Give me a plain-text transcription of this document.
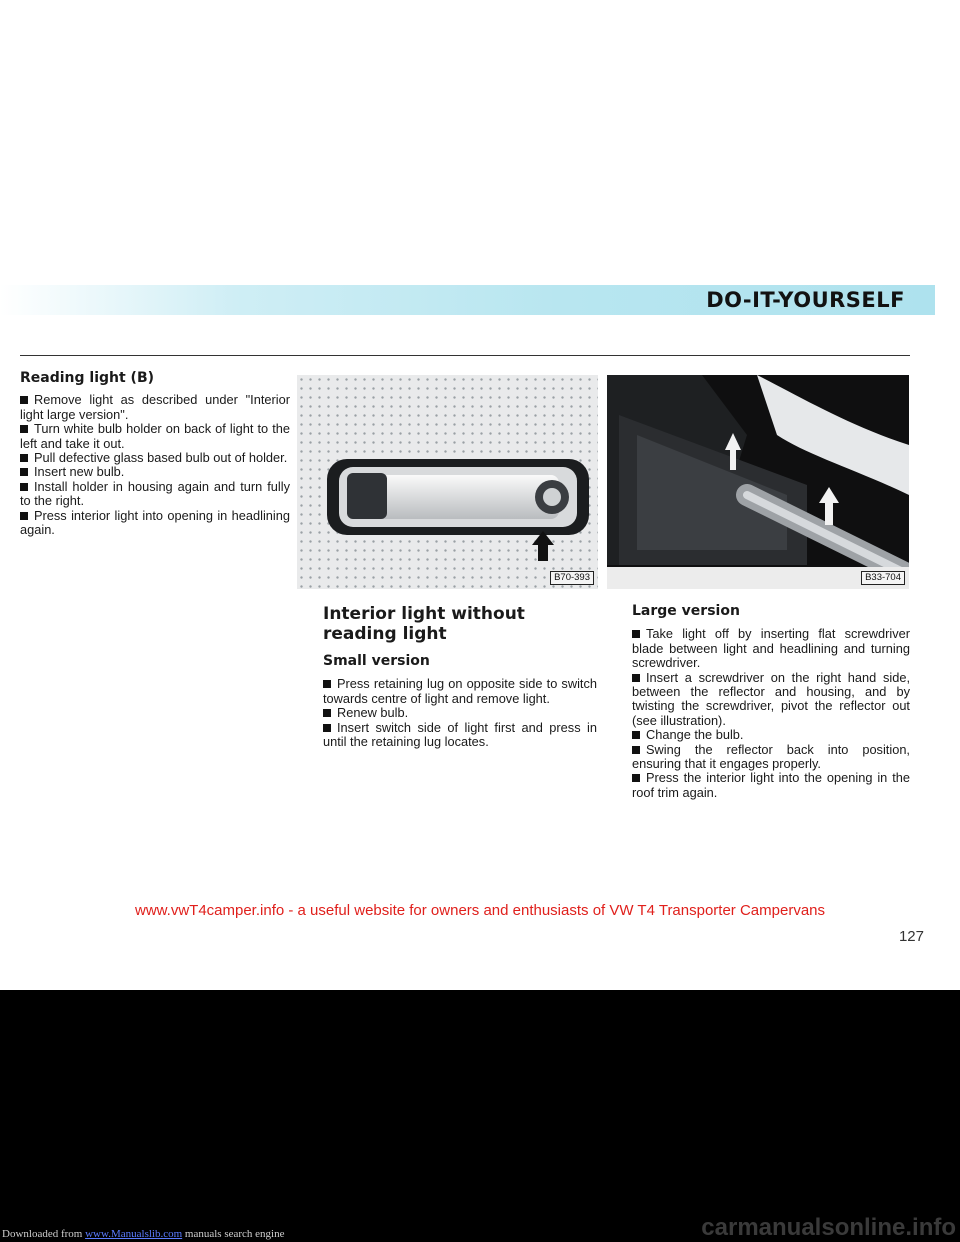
DO-IT-YOURSELF
Reading light (B)
Remove light as described under "Interior light large version".
Turn white bulb holder on back of light to the left and take it out.
Pull defective glass based bulb out of holder.
Insert new bulb.
Install holder in housing again and turn fully to the right.
Press interior light into opening in headlining again.
B70-393	B33-704
Interior light without reading light
Small version
Press retaining lug on opposite side to switch towards centre of light and remove light.
Renew bulb.
Insert switch side of light first and press in until the retaining lug locates.
Large version
Take light off by inserting flat screwdriver blade between light and headlining and turning screwdriver.
Insert a screwdriver on the right hand side, between the reflector and housing, and by twisting the screwdriver, pivot the reflector out (see illustration).
Change the bulb.
Swing the reflector back into position, ensuring that it engages properly.
Press the interior light into the opening in the roof trim again.
www.vwT4camper.info - a useful website for owners and enthusiasts of VW T4 Transporter Campervans
127
Downloaded from www.Manualslib.com manuals search engine	carmanualsonline.info
